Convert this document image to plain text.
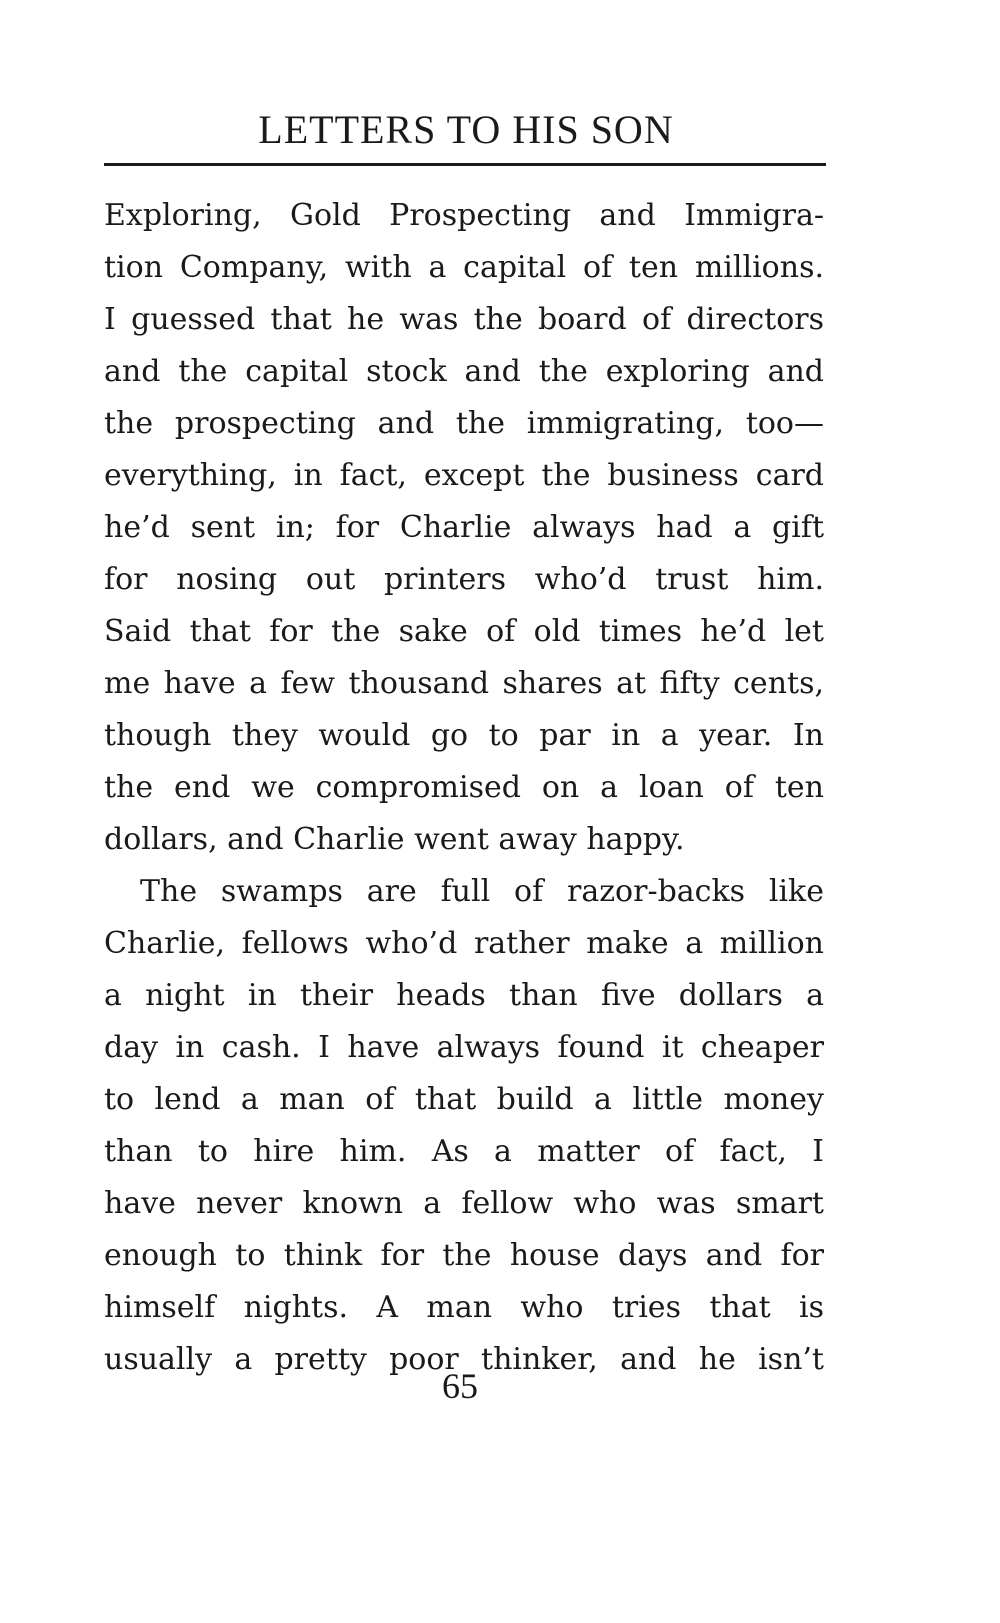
LETTERS TO HIS SON
Exploring, Gold Prospecting and Immigra-
tion Company, with a capital of ten millions.
I guessed that he was the board of directors
and the capital stock and the exploring and
the prospecting and the immigrating, too—
everything, in fact, except the business card
he’d sent in; for Charlie always had a gift
for nosing out printers who’d trust him.
Said that for the sake of old times he’d let
me have a few thousand shares at fifty cents,
though they would go to par in a year. In
the end we compromised on a loan of ten
dollars, and Charlie went away happy.
The swamps are full of razor-backs like
Charlie, fellows who’d rather make a million
a night in their heads than five dollars a
day in cash. I have always found it cheaper
to lend a man of that build a little money
than to hire him. As a matter of fact, I
have never known a fellow who was smart
enough to think for the house days and for
himself nights. A man who tries that is
usually a pretty poor thinker, and he isn’t
65
